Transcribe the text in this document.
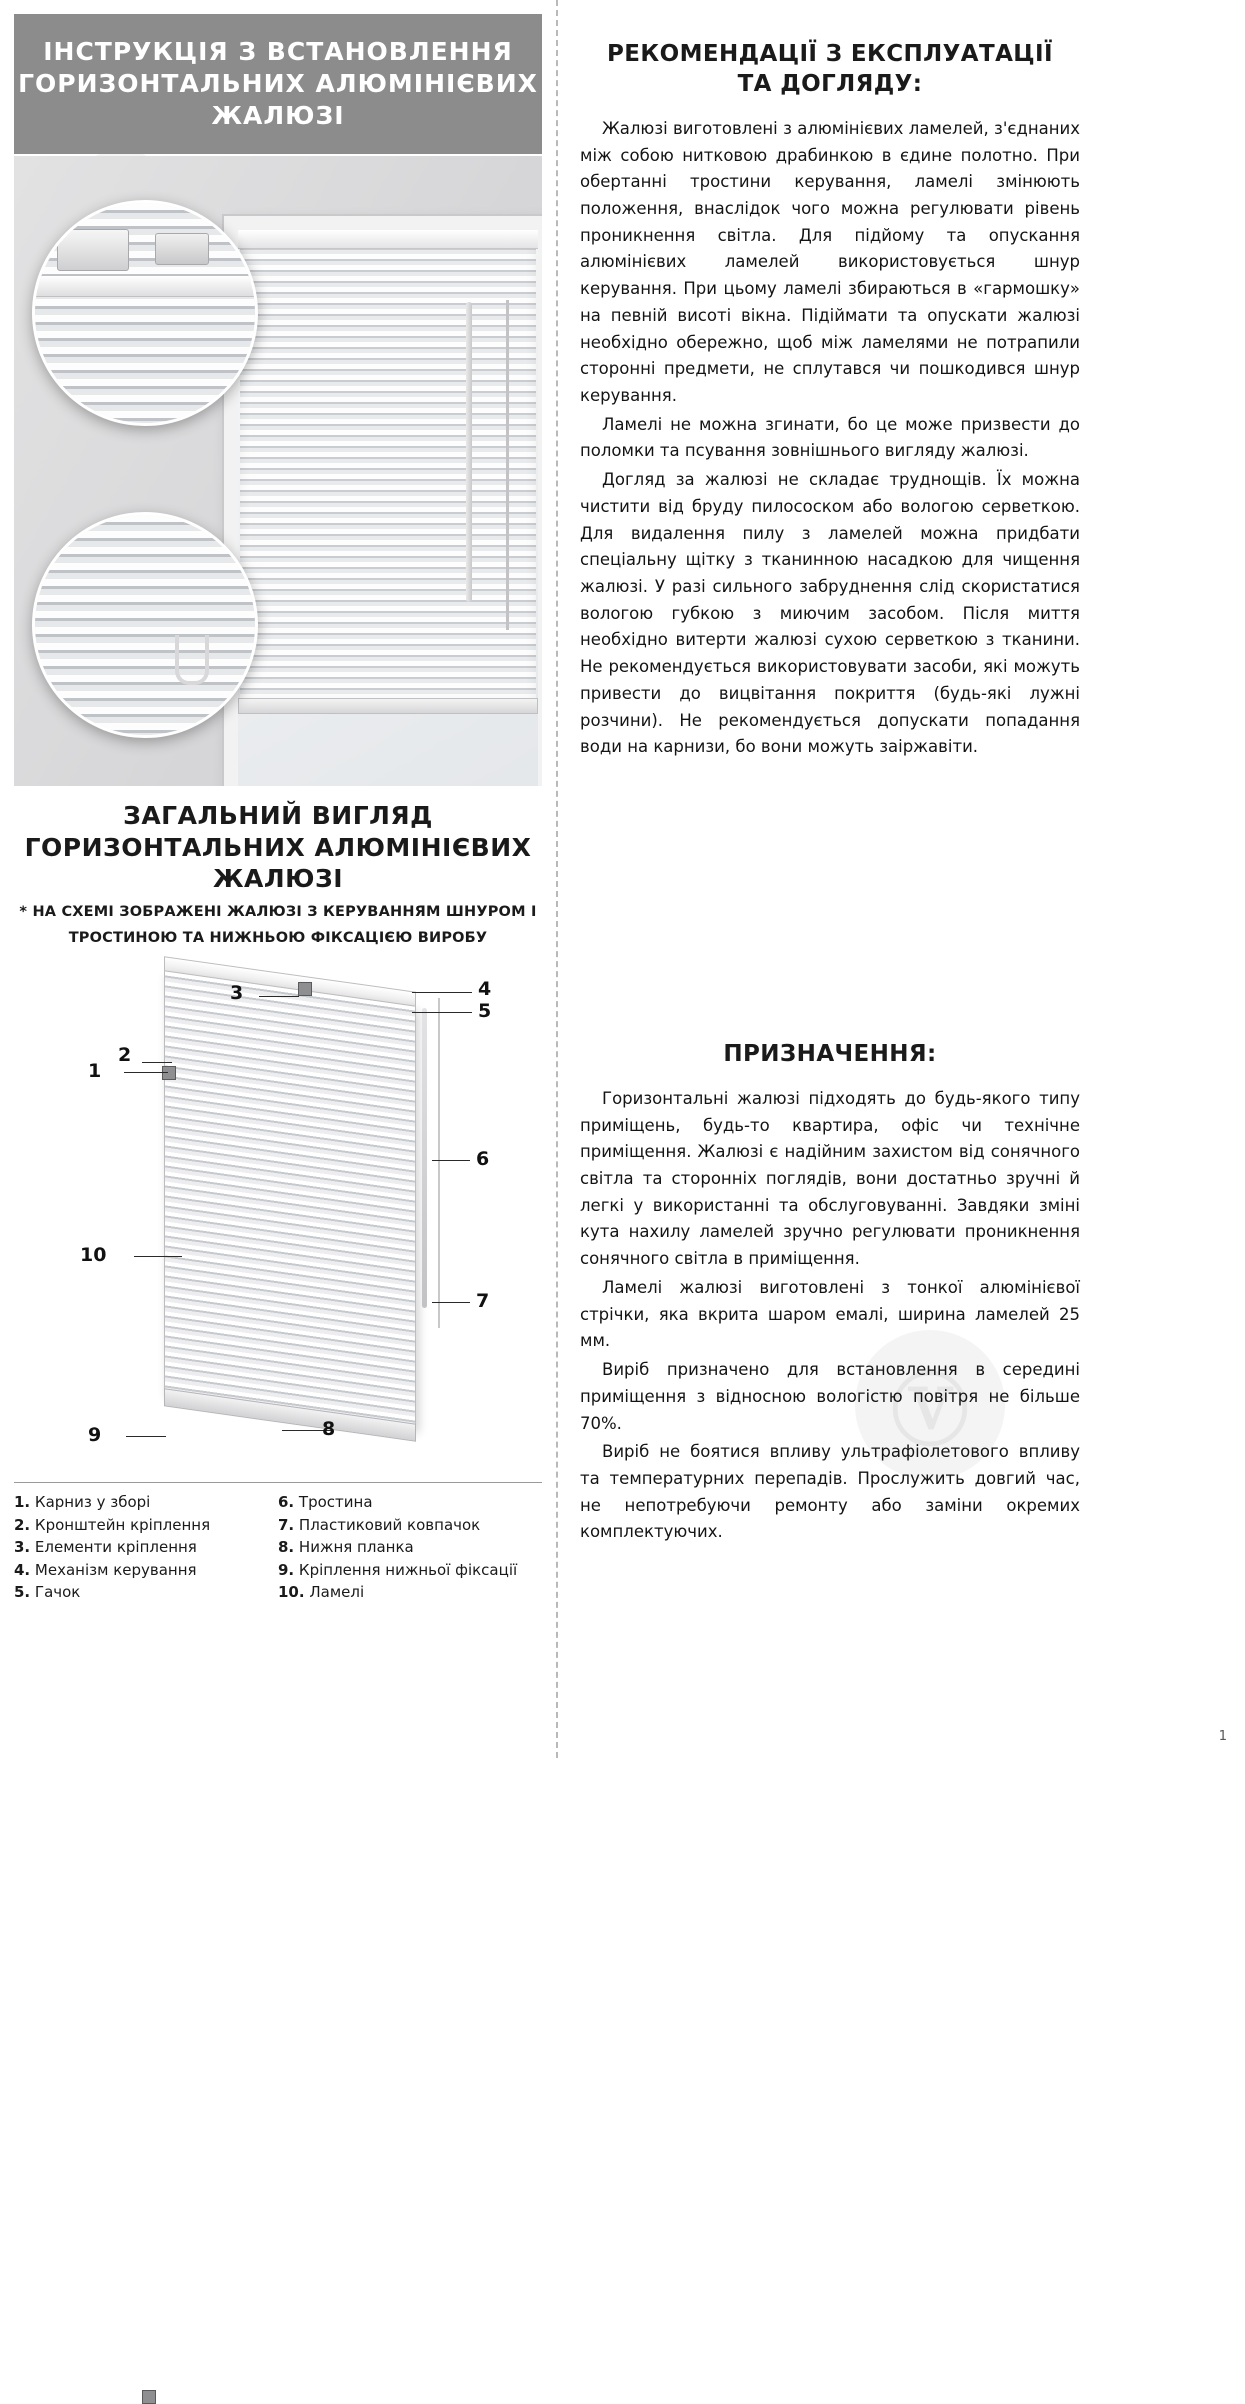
Ⓥ
ІНСТРУКЦІЯ З ВСТАНОВЛЕННЯ
ГОРИЗОНТАЛЬНИХ АЛЮМІНІЄВИХ
ЖАЛЮЗІ
ЗАГАЛЬНИЙ ВИГЛЯД
ГОРИЗОНТАЛЬНИХ АЛЮМІНІЄВИХ
ЖАЛЮЗІ
* НА СХЕМІ ЗОБРАЖЕНІ ЖАЛЮЗІ З КЕРУВАННЯМ ШНУРОМ І
ТРОСТИНОЮ ТА НИЖНЬОЮ ФІКСАЦІЄЮ ВИРОБУ
3	4
5
1
2
6
7
10
8
9
1. Карниз у зборі
2. Кронштейн кріплення
3. Елементи кріплення
4. Механізм керування
5. Гачок
6. Тростина
7. Пластиковий ковпачок
8. Нижня планка
9. Кріплення нижньої фіксації
10. Ламелі
РЕКОМЕНДАЦІЇ З ЕКСПЛУАТАЦІЇ
ТА ДОГЛЯДУ:

Жалюзі виготовлені з алюмінієвих ламелей, з'єднаних між собою нитковою драбинкою в єдине полотно. При обертанні тростини керування, ламелі змінюють положення, внаслідок чого можна регулювати рівень проникнення світла. Для підйому та опускання алюмінієвих ламелей використовується шнур керування. При цьому ламелі збираються в «гармошку» на певній висоті вікна. Підіймати та опускати жалюзі необхідно обережно, щоб між ламелями не потрапили сторонні предмети, не сплутався чи пошкодився шнур керування.

Ламелі не можна згинати, бо це може призвести до поломки та псування зовнішнього вигляду жалюзі.

Догляд за жалюзі не складає труднощів. Їх можна чистити від бруду пилососком або вологою серветкою. Для видалення пилу з ламелей можна придбати спеціальну щітку з тканинною насадкою для чищення жалюзі. У разі сильного забруднення слід скористатися вологою губкою з миючим засобом. Після миття необхідно витерти жалюзі сухою серветкою з тканини. Не рекомендується використовувати засоби, які можуть привести до вицвітання покриття (будь-які лужні розчини). Не рекомендується допускати попадання води на карнизи, бо вони можуть заіржавіти.

ПРИЗНАЧЕННЯ:

Горизонтальні жалюзі підходять до будь-якого типу приміщень, будь-то квартира, офіс чи технічне приміщення. Жалюзі є надійним захистом від сонячного світла та сторонніх поглядів, вони достатньо зручні й легкі у використанні та обслуговуванні. Завдяки зміні кута нахилу ламелей зручно регулювати проникнення сонячного світла в приміщення.

Ламелі жалюзі виготовлені з тонкої алюмінієвої стрічки, яка вкрита шаром емалі, ширина ламелей 25 мм.

Виріб призначено для встановлення в середині приміщення з відносною вологістю повітря не більше 70%.

Виріб не боятися впливу ультрафіолетового впливу та температурних перепадів. Прослужить довгий час, не непотребуючи ремонту або заміни окремих комплектуючих.

1
